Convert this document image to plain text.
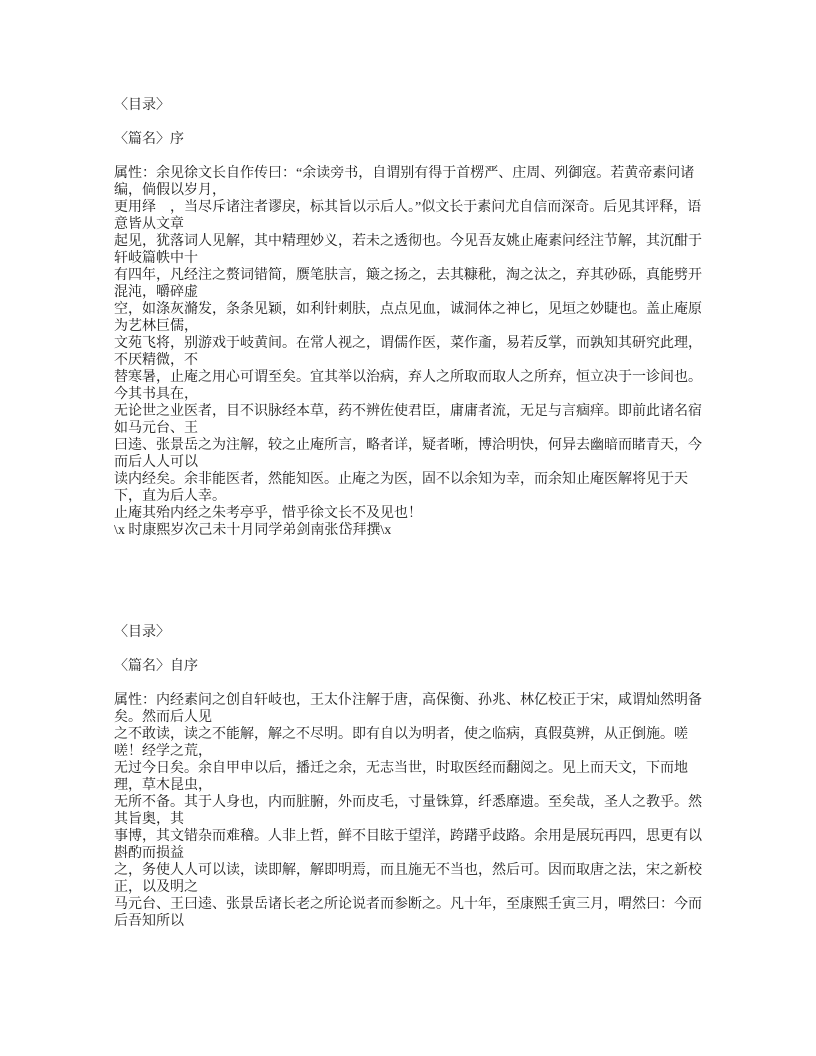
〈目录〉
〈篇名〉序
属性：余见徐文长自作传曰：“余读旁书，自谓别有得于首楞严、庄周、列御寇。若黄帝素问诸编，倘假以岁月，
更用绎　，当尽斥诸注者谬戾，标其旨以示后人。”似文长于素问尤自信而深奇。后见其评释，语意皆从文章
起见，犹落词人见解，其中精理妙义，若未之透彻也。今见吾友姚止庵素问经注节解，其沉酣于轩岐篇帙中十
有四年，凡经注之赘词错简，赝笔肤言，簸之扬之，去其糠秕，淘之汰之，弃其砂砾，真能劈开混沌，嚼碎虚
空，如涤灰滫发，条条见颖，如利针刺肤，点点见血，诚洞体之神匕，见垣之妙睫也。盖止庵原为艺林巨儒，
文苑飞将，别游戏于岐黄间。在常人视之，谓儒作医，菜作齑，易若反掌，而孰知其研究此理，不厌精微，不
替寒暑，止庵之用心可谓至矣。宜其举以治病，弃人之所取而取人之所弃，恒立决于一诊间也。今其书具在，
无论世之业医者，目不识脉经本草，药不辨佐使君臣，庸庸者流，无足与言痼痒。即前此诸名宿如马元台、王
曰逵、张景岳之为注解，较之止庵所言，略者详，疑者晰，博洽明快，何异去幽暗而睹青天，今而后人人可以
读内经矣。余非能医者，然能知医。止庵之为医，固不以余知为幸，而余知止庵医解将见于天下，直为后人幸。
止庵其殆内经之朱考亭乎，惜乎徐文长不及见也！
\x 时康熙岁次己未十月同学弟剑南张岱拜撰\x
〈目录〉
〈篇名〉自序
属性：内经素问之创自轩岐也，王太仆注解于唐，高保衡、孙兆、林亿校正于宋，咸谓灿然明备矣。然而后人见
之不敢读，读之不能解，解之不尽明。即有自以为明者，使之临病，真假莫辨，从正倒施。嗟嗟！经学之荒，
无过今日矣。余自甲申以后，播迁之余，无志当世，时取医经而翻阅之。见上而天文，下而地理，草木昆虫，
无所不备。其于人身也，内而脏腑，外而皮毛，寸量铢算，纤悉靡遗。至矣哉，圣人之教乎。然其旨奥，其
事博，其文错杂而难稽。人非上哲，鲜不目眩于望洋，跨躇乎歧路。余用是展玩再四，思更有以斟酌而损益
之，务使人人可以读，读即解，解即明焉，而且施无不当也，然后可。因而取唐之法，宋之新校正，以及明之
马元台、王曰逵、张景岳诸长老之所论说者而参断之。凡十年，至康熙壬寅三月，喟然曰：今而后吾知所以
